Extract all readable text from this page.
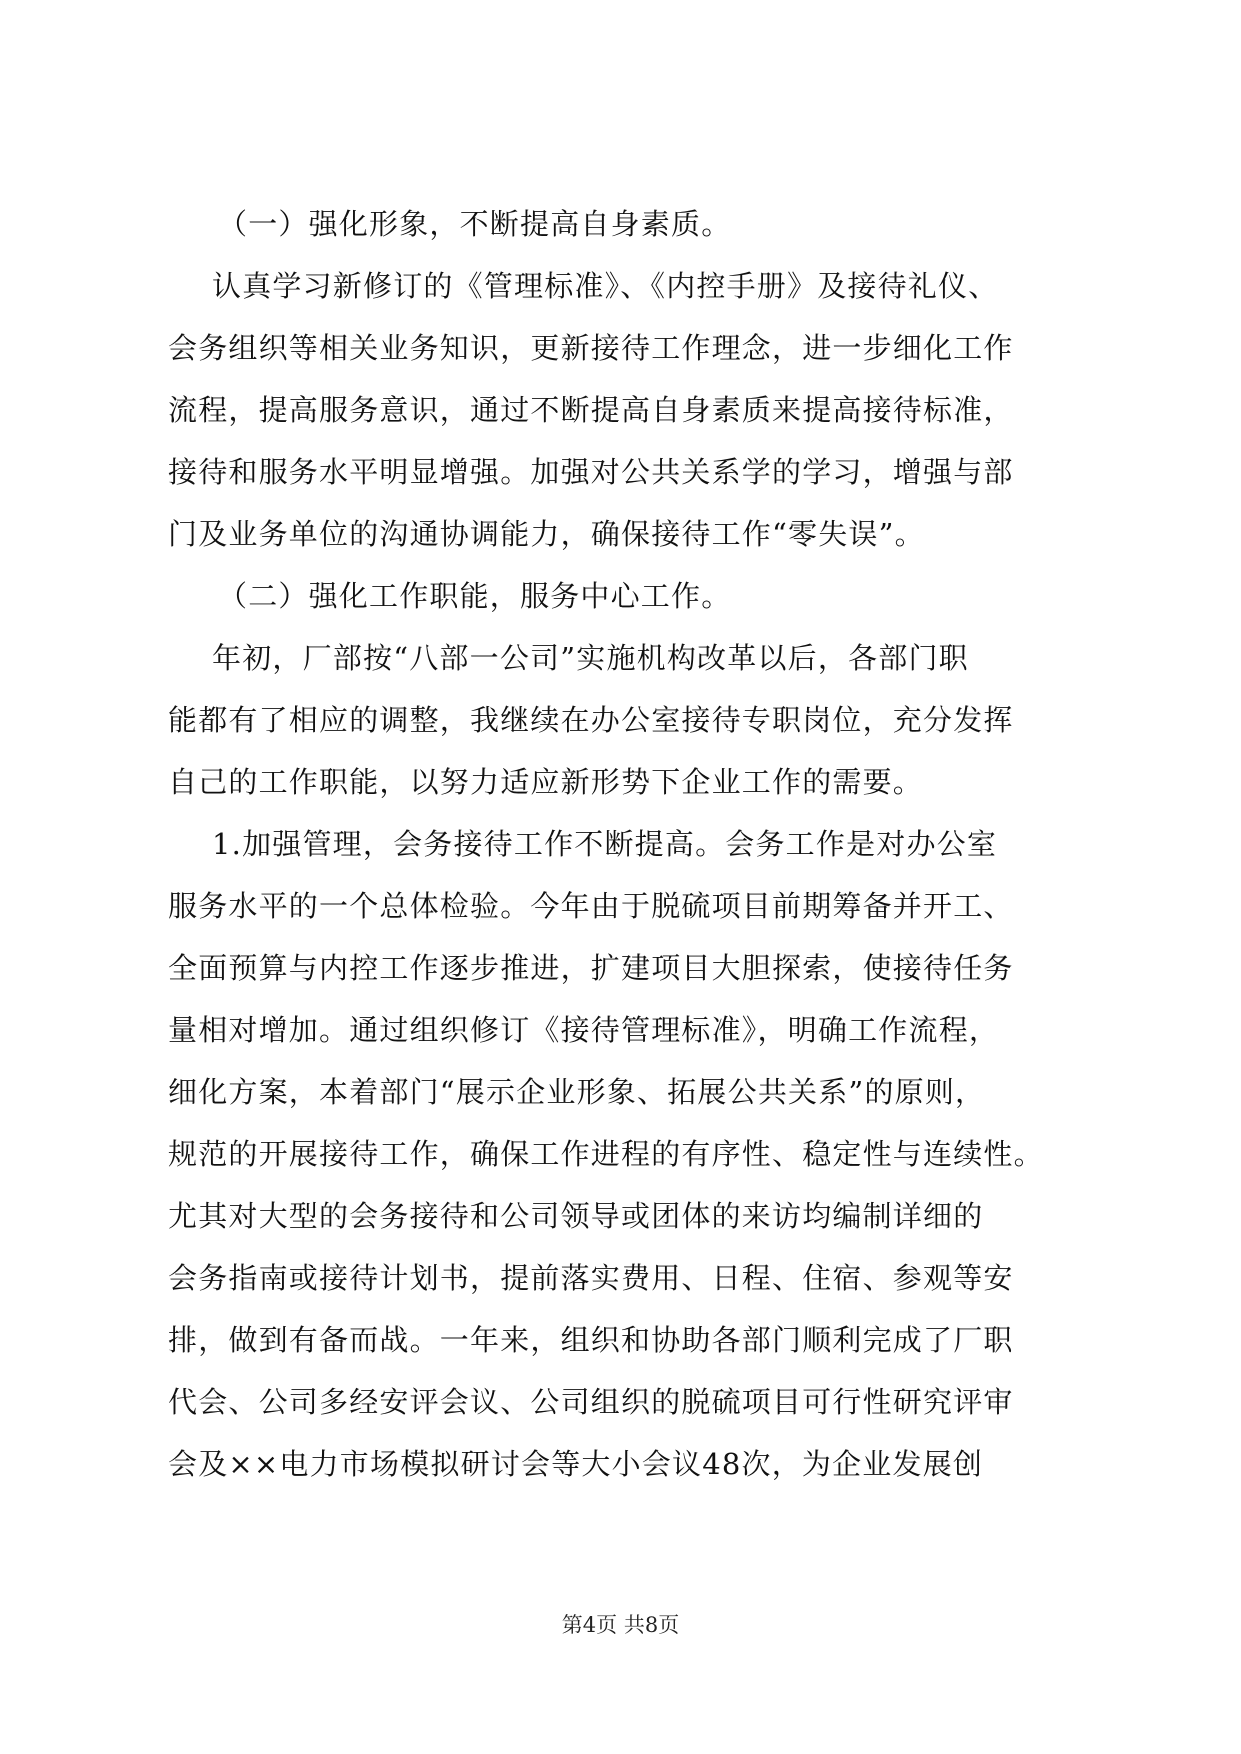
（一）强化形象，不断提高自身素质。
认真学习新修订的《管理标准》、《内控手册》及接待礼仪、
会务组织等相关业务知识，更新接待工作理念，进一步细化工作
流程，提高服务意识，通过不断提高自身素质来提高接待标准，
接待和服务水平明显增强。加强对公共关系学的学习，增强与部
门及业务单位的沟通协调能力，确保接待工作“零失误”。
（二）强化工作职能，服务中心工作。
年初，厂部按“八部一公司”实施机构改革以后，各部门职
能都有了相应的调整，我继续在办公室接待专职岗位，充分发挥
自己的工作职能，以努力适应新形势下企业工作的需要。
1.加强管理，会务接待工作不断提高。会务工作是对办公室
服务水平的一个总体检验。今年由于脱硫项目前期筹备并开工、
全面预算与内控工作逐步推进，扩建项目大胆探索，使接待任务
量相对增加。通过组织修订《接待管理标准》，明确工作流程，
细化方案，本着部门“展示企业形象、拓展公共关系”的原则，
规范的开展接待工作，确保工作进程的有序性、稳定性与连续性。
尤其对大型的会务接待和公司领导或团体的来访均编制详细的
会务指南或接待计划书，提前落实费用、日程、住宿、参观等安
排，做到有备而战。一年来，组织和协助各部门顺利完成了厂职
代会、公司多经安评会议、公司组织的脱硫项目可行性研究评审
会及××电力市场模拟研讨会等大小会议48次，为企业发展创
第4页 共8页
